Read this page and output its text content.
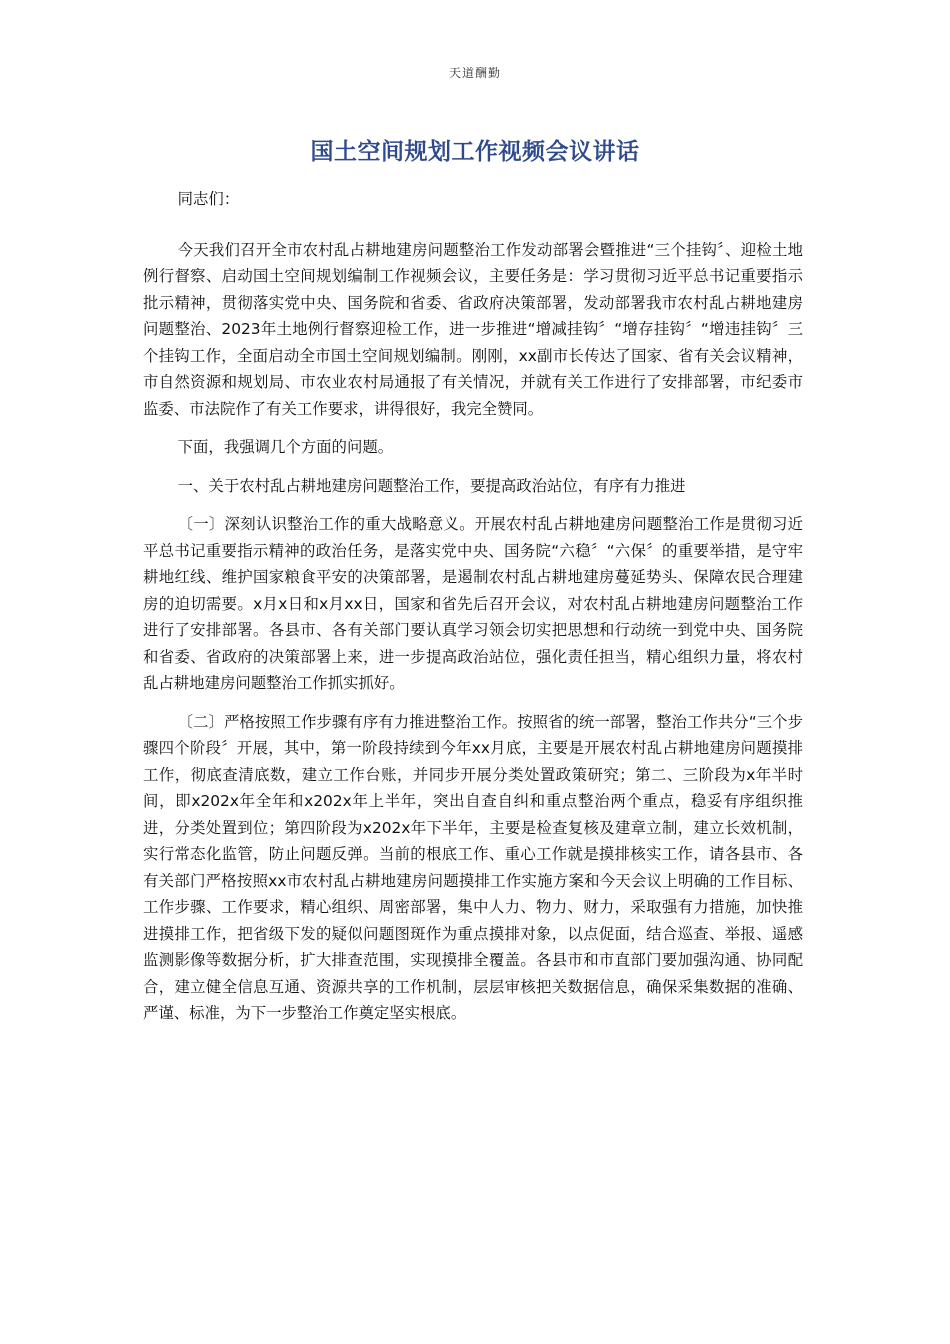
天道酬勤
国土空间规划工作视频会议讲话

同志们：

今天我们召开全市农村乱占耕地建房问题整治工作发动部署会暨推进“三个挂钩〞、迎检土地例行督察、启动国土空间规划编制工作视频会议，主要任务是：学习贯彻习近平总书记重要指示批示精神，贯彻落实党中央、国务院和省委、省政府决策部署，发动部署我市农村乱占耕地建房问题整治、2023年土地例行督察迎检工作，进一步推进“增减挂钩〞“增存挂钩〞“增违挂钩〞三个挂钩工作，全面启动全市国土空间规划编制。刚刚，xx副市长传达了国家、省有关会议精神，市自然资源和规划局、市农业农村局通报了有关情况，并就有关工作进行了安排部署，市纪委市监委、市法院作了有关工作要求，讲得很好，我完全赞同。

下面，我强调几个方面的问题。

一、关于农村乱占耕地建房问题整治工作，要提高政治站位，有序有力推进

〔一〕深刻认识整治工作的重大战略意义。开展农村乱占耕地建房问题整治工作是贯彻习近平总书记重要指示精神的政治任务，是落实党中央、国务院“六稳〞“六保〞的重要举措，是守牢耕地红线、维护国家粮食平安的决策部署，是遏制农村乱占耕地建房蔓延势头、保障农民合理建房的迫切需要。x月x日和x月xx日，国家和省先后召开会议，对农村乱占耕地建房问题整治工作进行了安排部署。各县市、各有关部门要认真学习领会切实把思想和行动统一到党中央、国务院和省委、省政府的决策部署上来，进一步提高政治站位，强化责任担当，精心组织力量，将农村乱占耕地建房问题整治工作抓实抓好。

〔二〕严格按照工作步骤有序有力推进整治工作。按照省的统一部署，整治工作共分“三个步骤四个阶段〞开展，其中，第一阶段持续到今年xx月底，主要是开展农村乱占耕地建房问题摸排工作，彻底查清底数，建立工作台账，并同步开展分类处置政策研究；第二、三阶段为x年半时间，即x202x年全年和x202x年上半年，突出自查自纠和重点整治两个重点，稳妥有序组织推进，分类处置到位；第四阶段为x202x年下半年，主要是检查复核及建章立制，建立长效机制，实行常态化监管，防止问题反弹。当前的根底工作、重心工作就是摸排核实工作，请各县市、各有关部门严格按照xx市农村乱占耕地建房问题摸排工作实施方案和今天会议上明确的工作目标、工作步骤、工作要求，精心组织、周密部署，集中人力、物力、财力，采取强有力措施，加快推进摸排工作，把省级下发的疑似问题图斑作为重点摸排对象，以点促面，结合巡查、举报、遥感监测影像等数据分析，扩大排查范围，实现摸排全覆盖。各县市和市直部门要加强沟通、协同配合，建立健全信息互通、资源共享的工作机制，层层审核把关数据信息，确保采集数据的准确、严谨、标准，为下一步整治工作奠定坚实根底。
